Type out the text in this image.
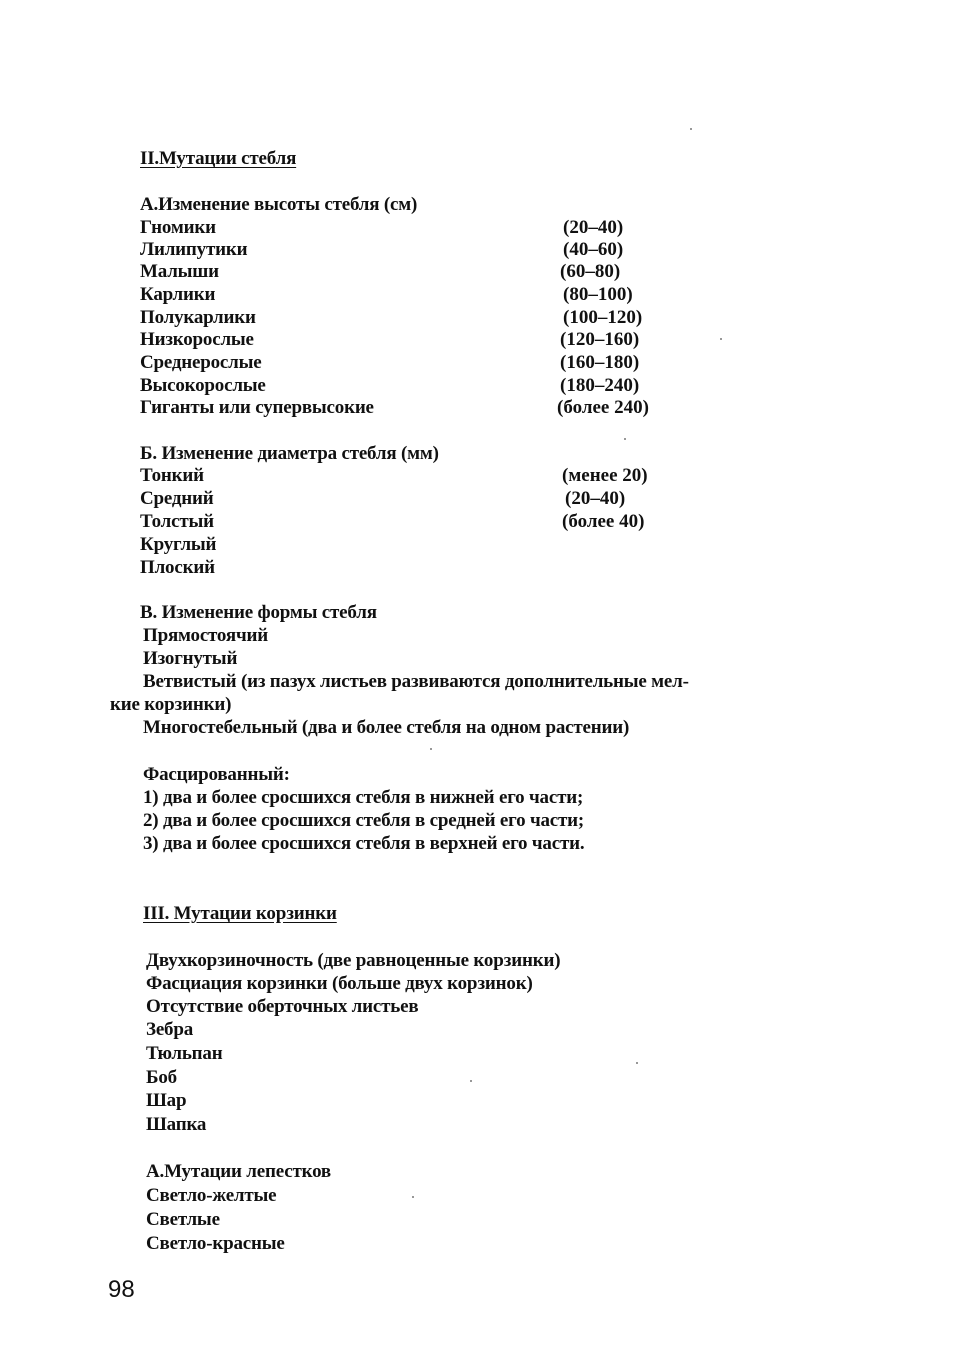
II.Мутации стебля
А.Изменение высоты стебля (см)
Гномики	(20–40)
Лилипутики	(40–60)
Малыши	(60–80)
Карлики	(80–100)
Полукарлики	(100–120)
Низкорослые	(120–160)
Среднерослые	(160–180)
Высокорослые	(180–240)
Гиганты или супервысокие	(более 240)
Б. Изменение диаметра стебля (мм)
Тонкий	(менее 20)
Средний	(20–40)
Толстый	(более 40)
Круглый
Плоский
В. Изменение формы стебля
Прямостоячий
Изогнутый
Ветвистый (из пазух листьев развиваются дополнительные мел-
кие корзинки)
Многостебельный (два и более стебля на одном растении)
Фасцированный:
1) два и более сросшихся стебля в нижней его части;
2) два и более сросшихся стебля в средней его части;
3) два и более сросшихся стебля в верхней его части.
III. Мутации корзинки
Двухкорзиночность (две равноценные корзинки)
Фасциация корзинки (больше двух корзинок)
Отсутствие оберточных листьев
Зебра
Тюльпан
Боб
Шар
Шапка
А.Мутации лепестков
Светло-желтые
Светлые
Светло-красные
98
